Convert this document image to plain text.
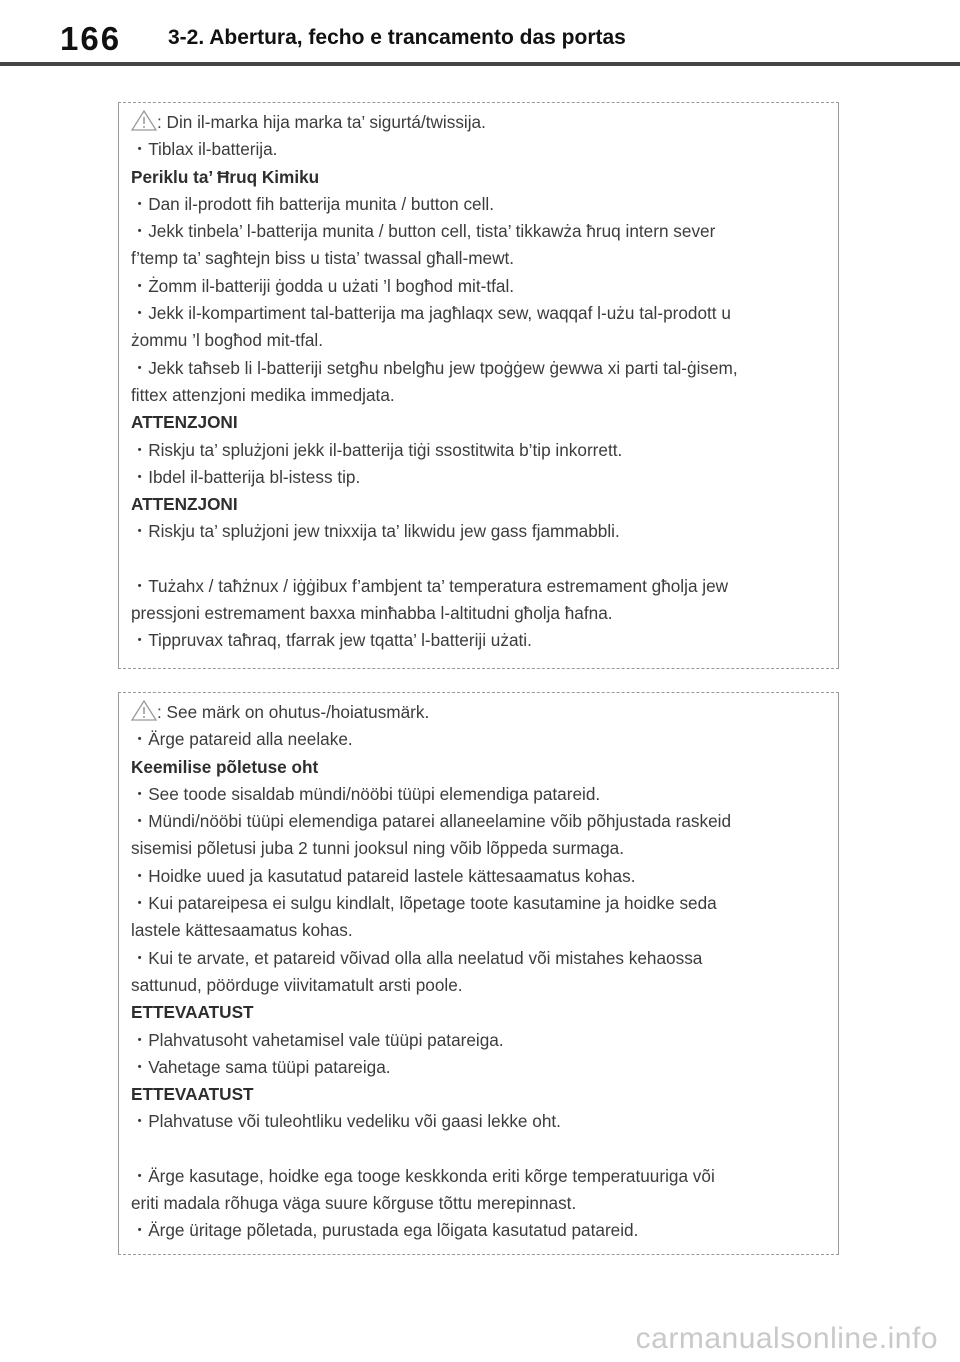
166 3-2. Abertura, fecho e trancamento das portas
: Din il-marka hija marka ta’ sigurtá/twissija.
・Tiblax il-batterija.
Periklu ta’ Ħruq Kimiku
・Dan il-prodott fih batterija munita / button cell.
・Jekk tinbela’ l-batterija munita / button cell, tista’ tikkawża ħruq intern sever
f’temp ta’ sagħtejn biss u tista’ twassal għall-mewt.
・Żomm il-batteriji ġodda u użati ’l bogħod mit-tfal.
・Jekk il-kompartiment tal-batterija ma jagħlaqx sew, waqqaf l-użu tal-prodott u
żommu ’l bogħod mit-tfal.
・Jekk taħseb li l-batteriji setgħu nbelgħu jew tpoġġew ġewwa xi parti tal-ġisem,
fittex attenzjoni medika immedjata.
ATTENZJONI
・Riskju ta’ splużjoni jekk il-batterija tiġi ssostitwita b’tip inkorrett.
・Ibdel il-batterija bl-istess tip.
ATTENZJONI
・Riskju ta’ splużjoni jew tnixxija ta’ likwidu jew gass fjammabbli.
・Tużahx / taħżnux / iġġibux f’ambjent ta’ temperatura estremament għolja jew
pressjoni estremament baxxa minħabba l-altitudni għolja ħafna.
・Tippruvax taħraq, tfarrak jew tqatta’ l-batteriji użati.
: See märk on ohutus-/hoiatusmärk.
・Ärge patareid alla neelake.
Keemilise põletuse oht
・See toode sisaldab mündi/nööbi tüüpi elemendiga patareid.
・Mündi/nööbi tüüpi elemendiga patarei allaneelamine võib põhjustada raskeid
sisemisi põletusi juba 2 tunni jooksul ning võib lõppeda surmaga.
・Hoidke uued ja kasutatud patareid lastele kättesaamatus kohas.
・Kui patareipesa ei sulgu kindlalt, lõpetage toote kasutamine ja hoidke seda
lastele kättesaamatus kohas.
・Kui te arvate, et patareid võivad olla alla neelatud või mistahes kehaossa
sattunud, pöörduge viivitamatult arsti poole.
ETTEVAATUST
・Plahvatusoht vahetamisel vale tüüpi patareiga.
・Vahetage sama tüüpi patareiga.
ETTEVAATUST
・Plahvatuse või tuleohtliku vedeliku või gaasi lekke oht.
・Ärge kasutage, hoidke ega tooge keskkonda eriti kõrge temperatuuriga või
eriti madala rõhuga väga suure kõrguse tõttu merepinnast.
・Ärge üritage põletada, purustada ega lõigata kasutatud patareid.
carmanualsonline.info
